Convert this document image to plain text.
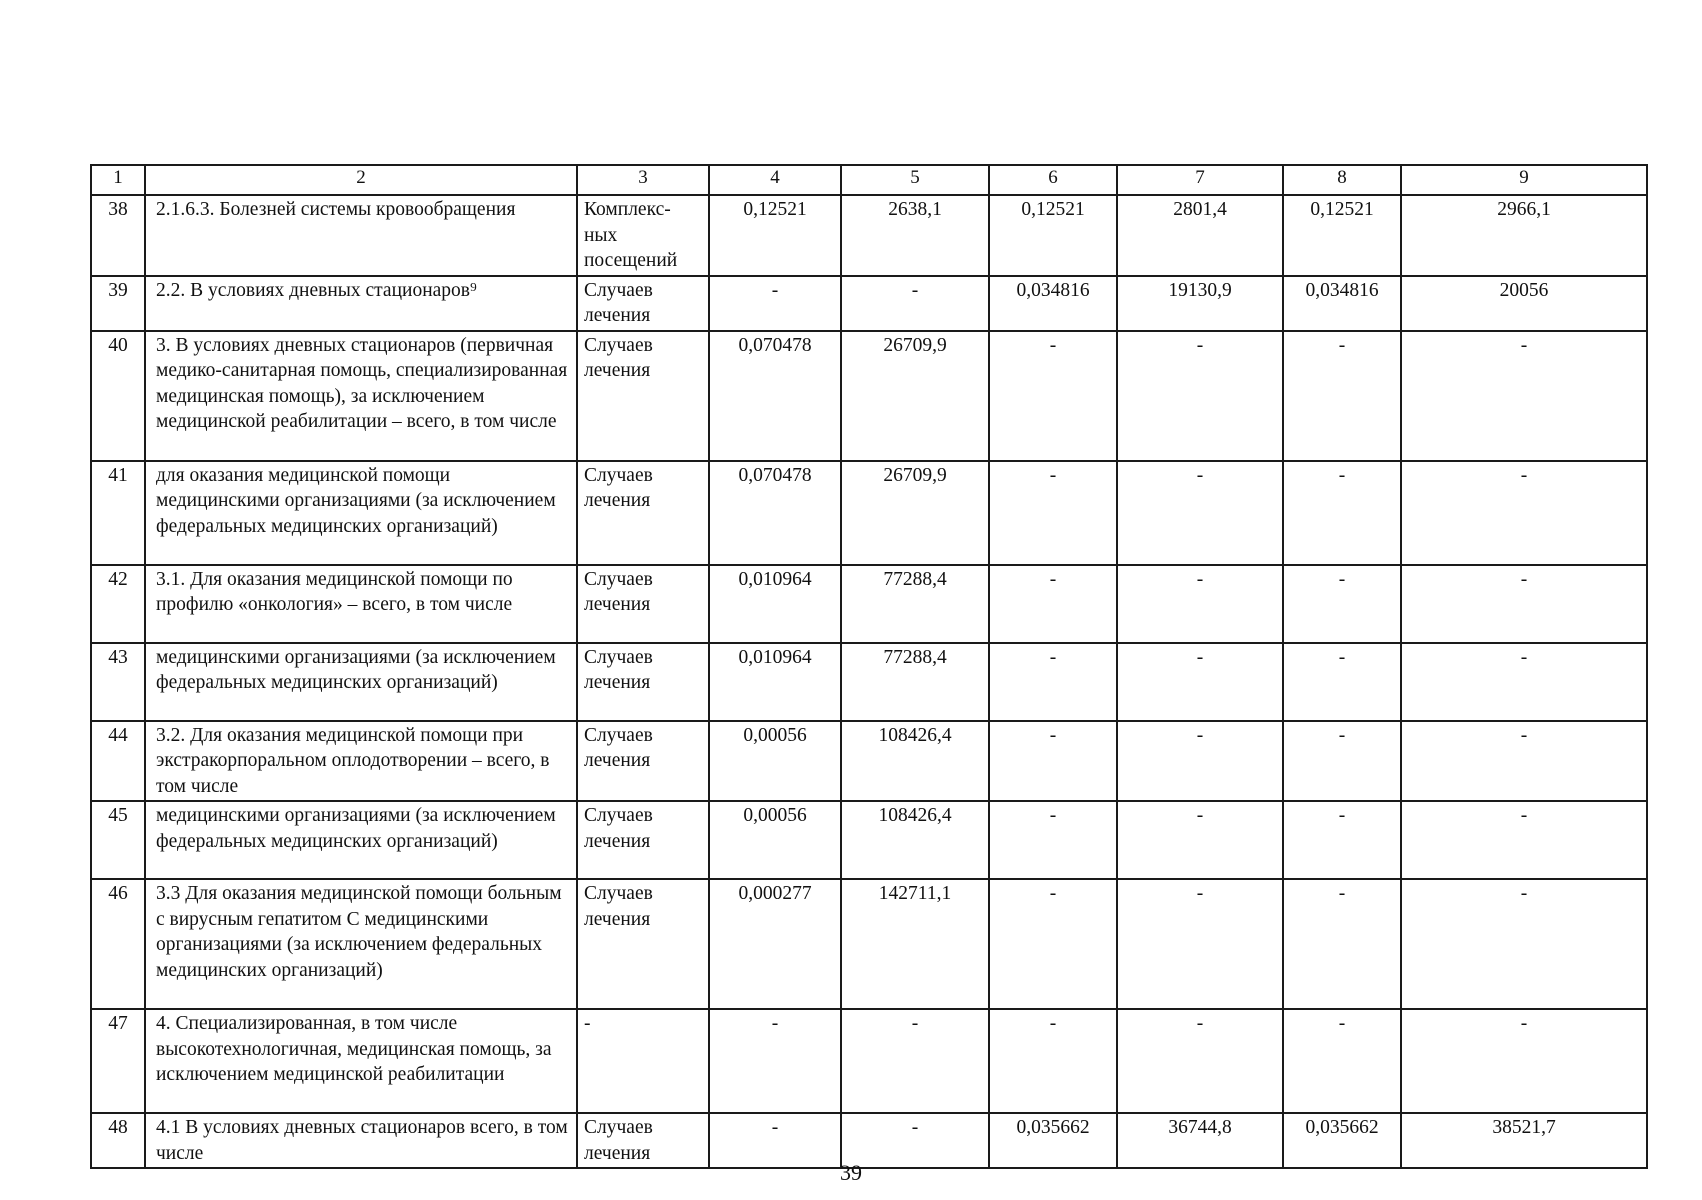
1	2	3	4	5	6	7	8	9
38	2.1.6.3. Болезней системы кровообращения	Комплекс-ных посещений	0,12521	2638,1	0,12521	2801,4	0,12521	2966,1
39	2.2. В условиях дневных стационаров⁹	Случаев лечения	-	-	0,034816	19130,9	0,034816	20056
40	3. В условиях дневных стационаров (первичная медико-санитарная помощь, специализированная медицинская помощь), за исключением медицинской реабилитации – всего, в том числе	Случаев лечения	0,070478	26709,9	-	-	-	-
41	для оказания медицинской помощи медицинскими организациями (за исключением федеральных медицинских организаций)	Случаев лечения	0,070478	26709,9	-	-	-	-
42	3.1. Для оказания медицинской помощи по профилю «онкология» – всего, в том числе	Случаев лечения	0,010964	77288,4	-	-	-	-
43	медицинскими организациями (за исключением федеральных медицинских организаций)	Случаев лечения	0,010964	77288,4	-	-	-	-
44	3.2. Для оказания медицинской помощи при экстракорпоральном оплодотворении – всего, в том числе	Случаев лечения	0,00056	108426,4	-	-	-	-
45	медицинскими организациями (за исключением федеральных медицинских организаций)	Случаев лечения	0,00056	108426,4	-	-	-	-
46	3.3 Для оказания медицинской помощи больным с вирусным гепатитом С медицинскими организациями (за исключением федеральных медицинских организаций)	Случаев лечения	0,000277	142711,1	-	-	-	-
47	4. Специализированная, в том числе высокотехнологичная, медицинская помощь, за исключением медицинской реабилитации	-	-	-	-	-	-	-
48	4.1 В условиях дневных стационаров всего, в том числе	Случаев лечения	-	-	0,035662	36744,8	0,035662	38521,7
39
